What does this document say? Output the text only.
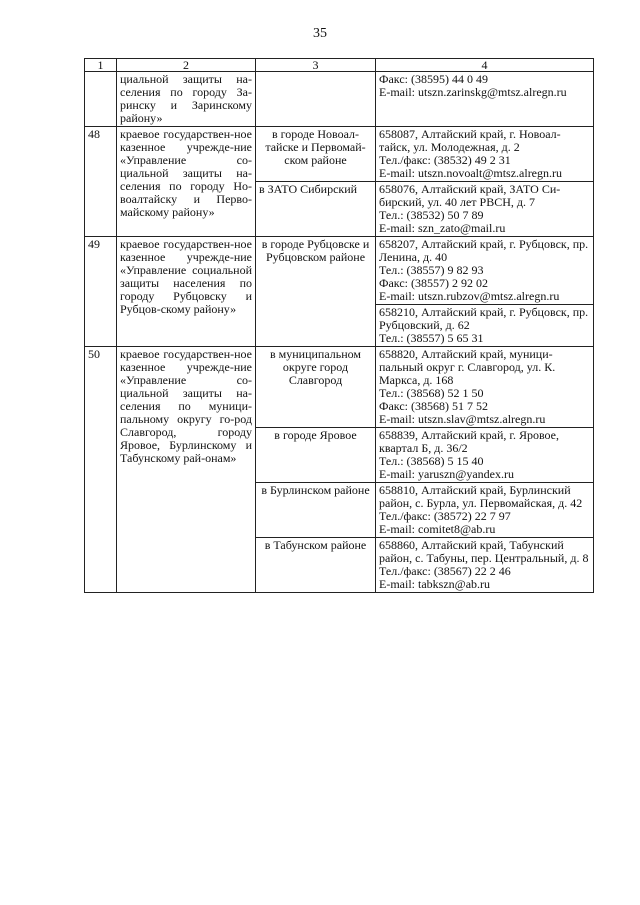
35
1	2	3	4
	циальной защиты на-селения по городу За-ринску и Заринскому району»		Факс: (38595) 44 0 49
E-mail: utszn.zarinskg@mtsz.alregn.ru

48	краевое государствен-ное казенное учрежде-ние «Управление со-циальной защиты на-селения по городу Но-воалтайску и Перво-майскому району»	в городе Новоал-тайске и Первомай-ском районе	658087, Алтайский край, г. Новоал-тайск, ул. Молодежная, д. 2
Тел./факс: (38532) 49 2 31
E-mail: utszn.novoalt@mtsz.alregn.ru
		в ЗАТО Сибирский	658076, Алтайский край, ЗАТО Си-бирский, ул. 40 лет РВСН, д. 7
Тел.: (38532) 50 7 89
E-mail: szn_zato@mail.ru
49	краевое государствен-ное казенное учрежде-ние «Управление социальной защиты населения по городу Рубцовску и Рубцов-скому району»	в городе Рубцовске и Рубцовском районе	658207, Алтайский край, г. Рубцовск, пр. Ленина, д. 40
Тел.: (38557) 9 82 93
Факс: (38557) 2 92 02
E-mail: utszn.rubzov@mtsz.alregn.ru
			658210, Алтайский край, г. Рубцовск, пр. Рубцовский, д. 62
Тел.: (38557) 5 65 31
50	краевое государствен-ное казенное учрежде-ние «Управление со-циальной защиты на-селения по муници-пальному округу го-род Славгород, городу Яровое, Бурлинскому и Табунскому рай-онам»	в муниципальном округе город Славгород	658820, Алтайский край, муници-пальный округ г. Славгород, ул. К. Маркса, д. 168
Тел.: (38568) 52 1 50
Факс: (38568) 51 7 52
E-mail: utszn.slav@mtsz.alregn.ru
		в городе Яровое	658839, Алтайский край, г. Яровое, квартал Б, д. 36/2
Тел.: (38568) 5 15 40
E-mail: yaruszn@yandex.ru
		в Бурлинском районе	658810, Алтайский край, Бурлинский район, с. Бурла, ул. Первомайская, д. 42
Тел./факс: (38572) 22 7 97
E-mail: comitet8@ab.ru
		в Табунском районе	658860, Алтайский край, Табунский район, с. Табуны, пер. Центральный, д. 8
Тел./факс: (38567) 22 2 46
E-mail: tabkszn@ab.ru
